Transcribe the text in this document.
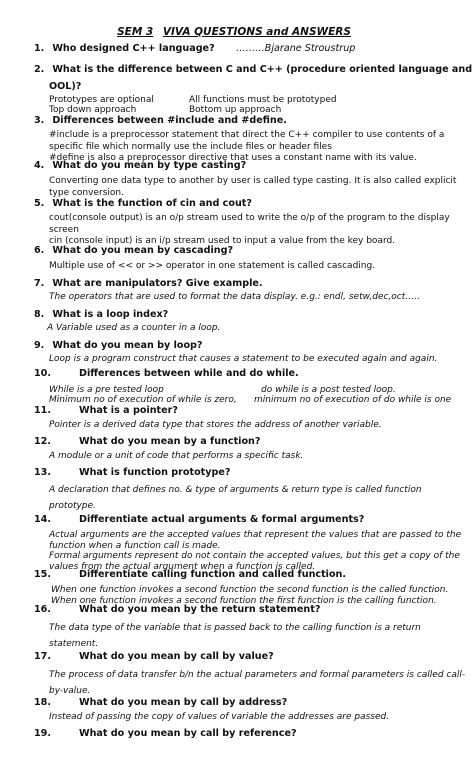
SEM 3 VIVA QUESTIONS and ANSWERS
1. Who designed C++ language? ………Bjarane Stroustrup
2. What is the difference between C and C++ (procedure oriented language and
OOL)?
Prototypes are optional	All functions must be prototyped
Top down approach	Bottom up approach
3. Differences between #include and #define.
#include is a preprocessor statement that direct the C++ compiler to use contents of a
specific file which normally use the include files or header files
#define is also a preprocessor directive that uses a constant name with its value.
4. What do you mean by type casting?
Converting one data type to another by user is called type casting. It is also called explicit
type conversion.
5. What is the function of cin and cout?
cout(console output) is an o/p stream used to write the o/p of the program to the display
screen
cin (console input) is an i/p stream used to input a value from the key board.
6. What do you mean by cascading?
Multiple use of << or >> operator in one statement is called cascading.
7. What are manipulators? Give example.
The operators that are used to format the data display. e.g.: endl, setw,dec,oct…..
8. What is a loop index?
A Variable used as a counter in a loop.
9. What do you mean by loop?
Loop is a program construct that causes a statement to be executed again and again.
10.	Differences between while and do while.
While is a pre tested loop	do while is a post tested loop.
Minimum no of execution of while is zero, minimum no of execution of do while is one
11.	What is a pointer?
Pointer is a derived data type that stores the address of another variable.
12.	What do you mean by a function?
A module or a unit of code that performs a specific task.
13.	What is function prototype?
A declaration that defines no. & type of arguments & return type is called function
prototype.
14.	Differentiate actual arguments & formal arguments?
Actual arguments are the accepted values that represent the values that are passed to the
function when a function call is made.
Formal arguments represent do not contain the accepted values, but this get a copy of the
values from the actual argument when a function is called.
15.	Differentiate calling function and called function.
When one function invokes a second function the second function is the called function.
When one function invokes a second function the first function is the calling function.
16.	What do you mean by the return statement?
The data type of the variable that is passed back to the calling function is a return
statement.
17.	What do you mean by call by value?
The process of data transfer b/n the actual parameters and formal parameters is called call-
by-value.
18.	What do you mean by call by address?
Instead of passing the copy of values of variable the addresses are passed.
19.	What do you mean by call by reference?
